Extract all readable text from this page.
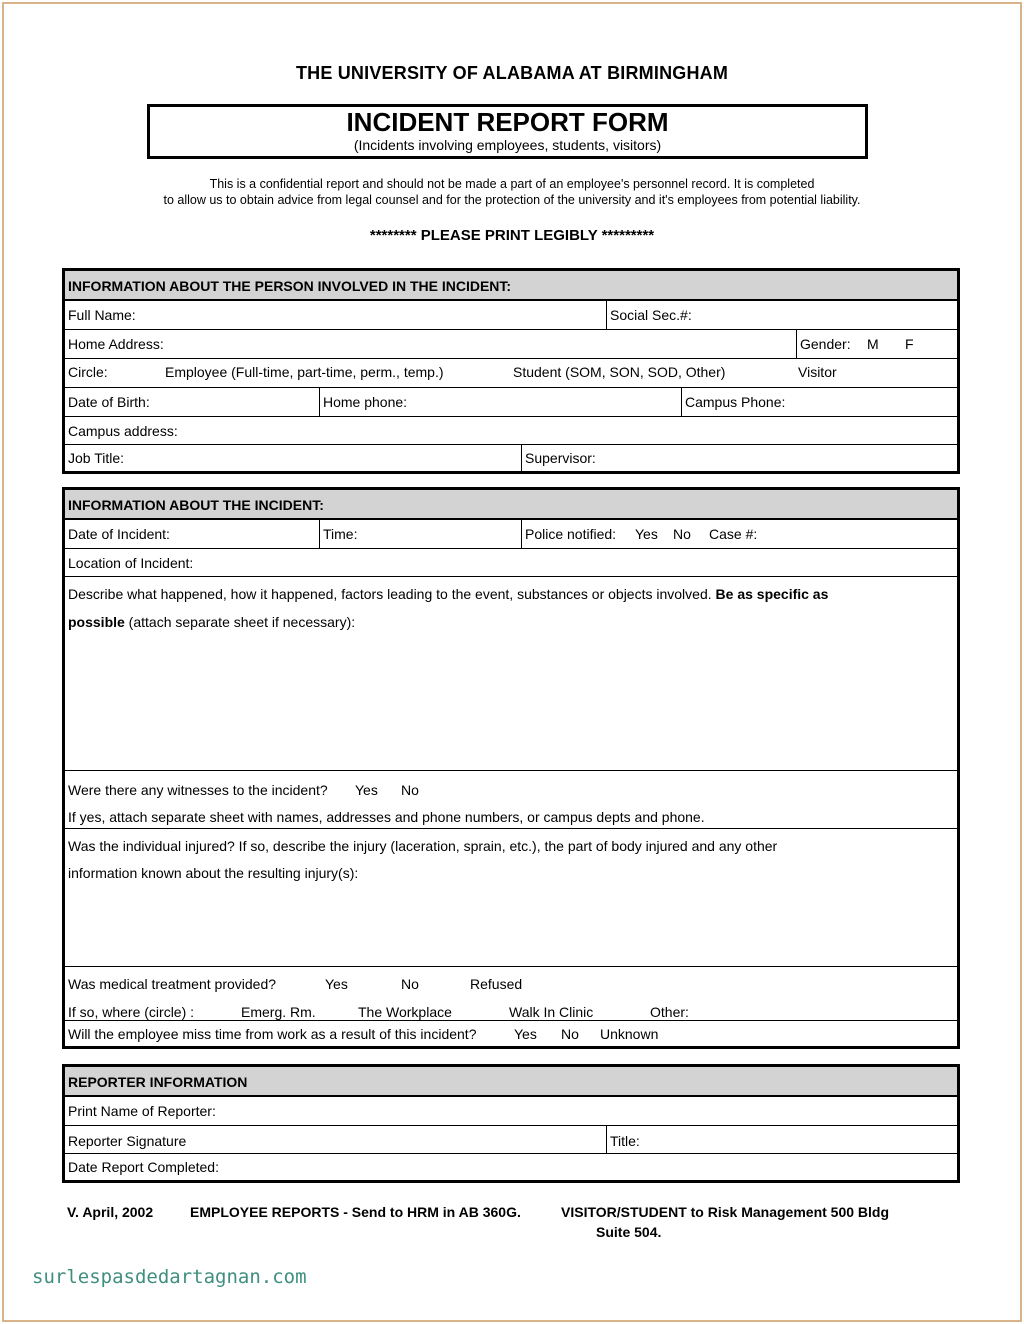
THE UNIVERSITY OF ALABAMA AT BIRMINGHAM
INCIDENT REPORT FORM
(Incidents involving employees, students, visitors)
This is a confidential report and should not be made a part of an employee's personnel record. It is completed
to allow us to obtain advice from legal counsel and for the protection of the university and it's employees from potential liability.
******** PLEASE PRINT LEGIBLY *********
INFORMATION ABOUT THE PERSON INVOLVED IN THE INCIDENT:
Full Name:	Social Sec.#:
Home Address:	Gender: M F
Circle:	Employee (Full-time, part-time, perm., temp.)	Student (SOM, SON, SOD, Other)	Visitor
Date of Birth:	Home phone:	Campus Phone:
Campus address:
Job Title:	Supervisor:
INFORMATION ABOUT THE INCIDENT:
Date of Incident:	Time:	Police notified: Yes No Case #:
Location of Incident:
Describe what happened, how it happened, factors leading to the event, substances or objects involved. Be as specific as
possible (attach separate sheet if necessary):
Were there any witnesses to the incident? Yes No
If yes, attach separate sheet with names, addresses and phone numbers, or campus depts and phone.
Was the individual injured? If so, describe the injury (laceration, sprain, etc.), the part of body injured and any other
information known about the resulting injury(s):
Was medical treatment provided?	Yes	No	Refused
If so, where (circle) :	Emerg. Rm.	The Workplace	Walk In Clinic	Other:
Will the employee miss time from work as a result of this incident?	Yes No Unknown
REPORTER INFORMATION
Print Name of Reporter:
Reporter Signature	Title:
Date Report Completed:
V. April, 2002	EMPLOYEE REPORTS - Send to HRM in AB 360G.	VISITOR/STUDENT to Risk Management 500 Bldg
Suite 504.
surlespasdedartagnan.com
